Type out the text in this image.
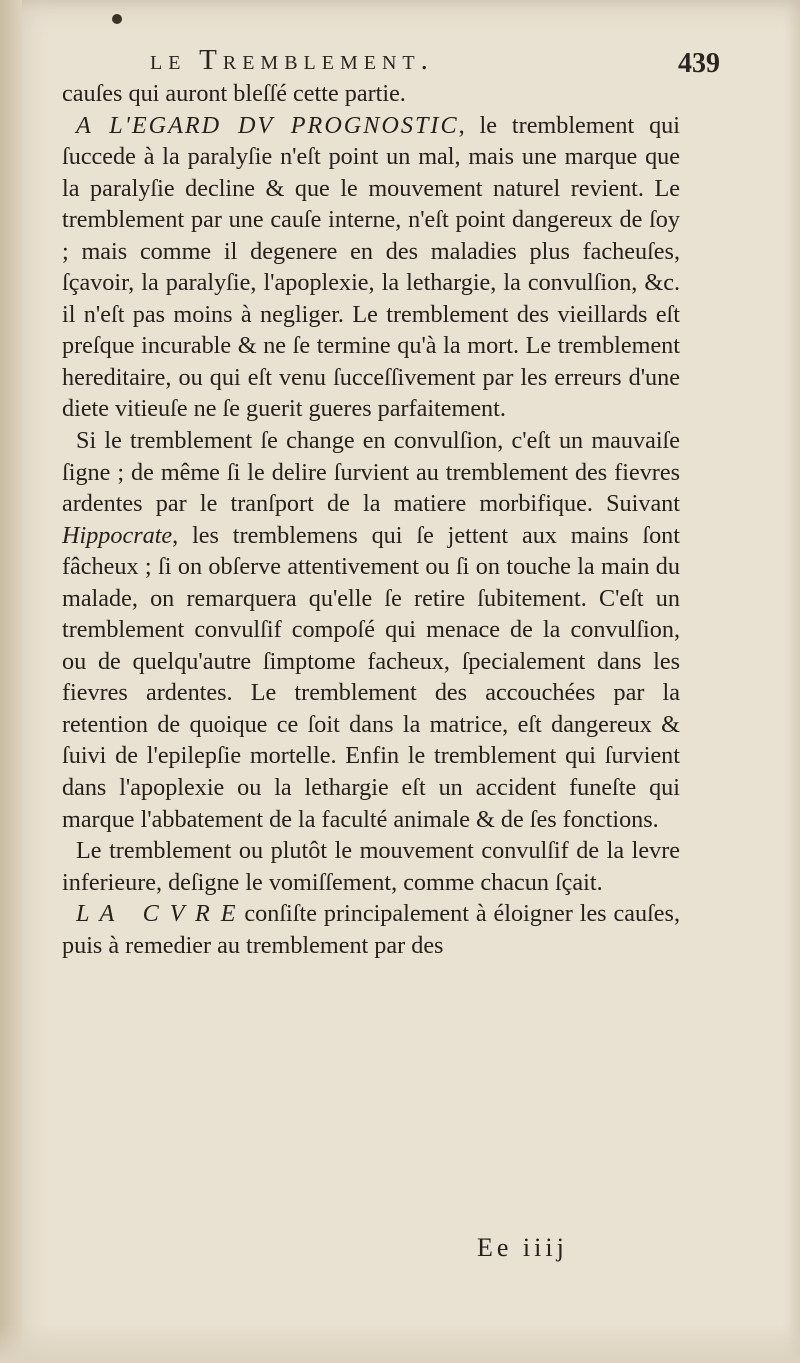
le Tremblement.	439

cauſes qui auront bleſſé cette partie.

A L'EGARD DV PROGNOSTIC, le tremblement qui ſuccede à la paralyſie n'eſt point un mal, mais une marque que la paralyſie decline & que le mouvement naturel revient. Le tremblement par une cauſe interne, n'eſt point dangereux de ſoy ; mais comme il degenere en des maladies plus facheuſes, ſçavoir, la paralyſie, l'apoplexie, la lethargie, la convulſion, &c. il n'eſt pas moins à negliger. Le tremblement des vieillards eſt preſque incurable & ne ſe termine qu'à la mort. Le tremblement hereditaire, ou qui eſt venu ſucceſſivement par les erreurs d'une diete vitieuſe ne ſe guerit gueres parfaitement.

Si le tremblement ſe change en convulſion, c'eſt un mauvaiſe ſigne ; de même ſi le delire ſurvient au tremblement des fievres ardentes par le tranſport de la matiere morbifique. Suivant Hippocrate, les tremblemens qui ſe jettent aux mains ſont fâcheux ; ſi on obſerve attentivement ou ſi on touche la main du malade, on remarquera qu'elle ſe retire ſubitement. C'eſt un tremblement convulſif compoſé qui menace de la convulſion, ou de quelqu'autre ſimptome facheux, ſpecialement dans les fievres ardentes. Le tremblement des accouchées par la retention de quoique ce ſoit dans la matrice, eſt dangereux & ſuivi de l'epilepſie mortelle. Enfin le tremblement qui ſurvient dans l'apoplexie ou la lethargie eſt un accident funeſte qui marque l'abbatement de la faculté animale & de ſes fonctions.

Le tremblement ou plutôt le mouvement convulſif de la levre inferieure, deſigne le vomiſſement, comme chacun ſçait.

L A   C V R E conſiſte principalement à éloigner les cauſes, puis à remedier au tremblement par des

Ee iiij
